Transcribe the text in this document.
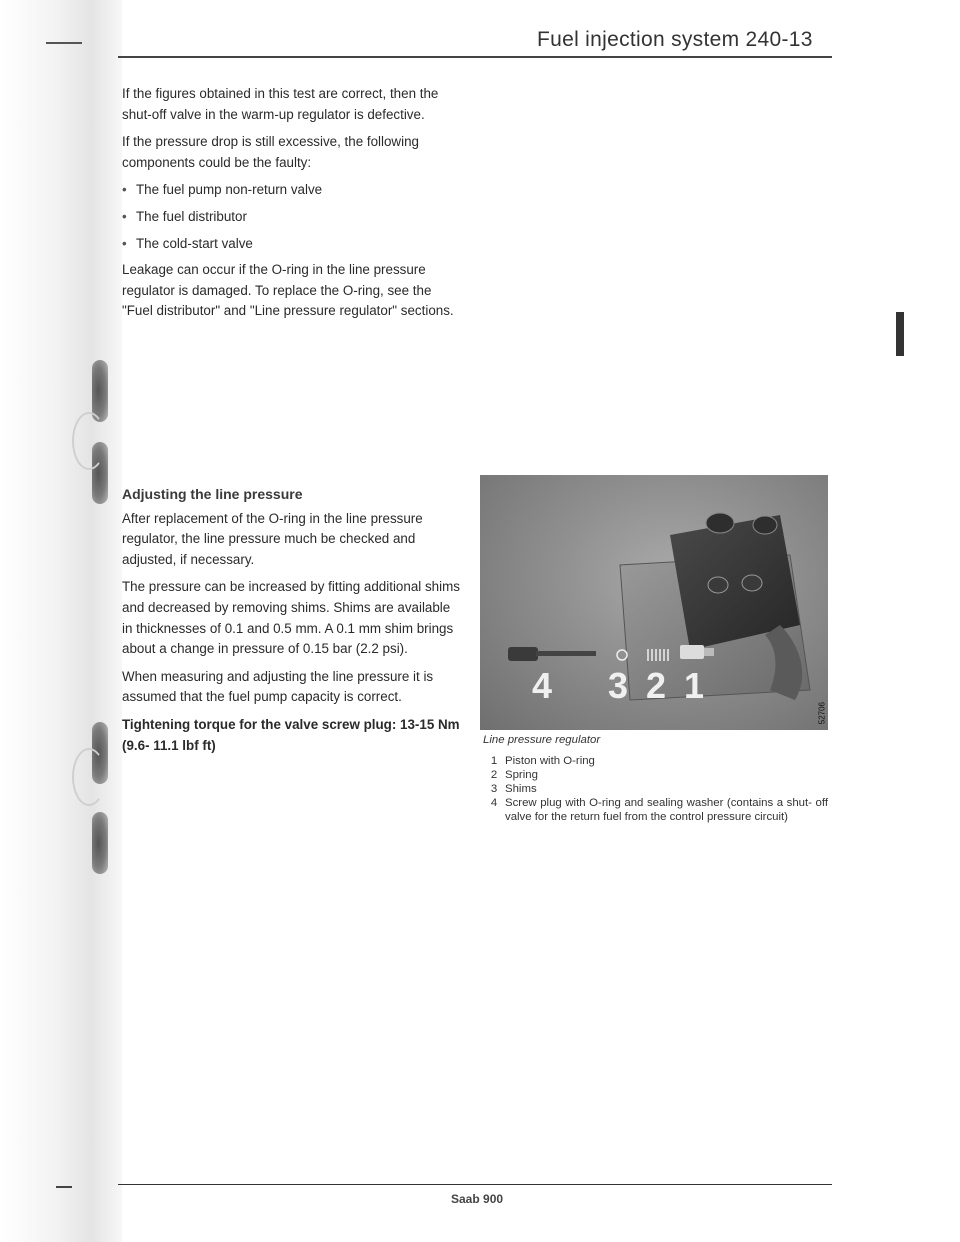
Fuel injection system 240-13

If the figures obtained in this test are correct, then the shut-off valve in the warm-up regulator is defective.

If the pressure drop is still excessive, the following components could be the faulty:

• The fuel pump non-return valve
• The fuel distributor
• The cold-start valve

Leakage can occur if the O-ring in the line pressure regulator is damaged. To replace the O-ring, see the "Fuel distributor" and "Line pressure regulator" sections.

Adjusting the line pressure

After replacement of the O-ring in the line pressure regulator, the line pressure much be checked and adjusted, if necessary.

The pressure can be increased by fitting additional shims and decreased by removing shims. Shims are available in thicknesses of 0.1 and 0.5 mm. A 0.1 mm shim brings about a change in pressure of 0.15 bar (2.2 psi).

When measuring and adjusting the line pressure it is assumed that the fuel pump capacity is correct.

Tightening torque for the valve screw plug: 13-15 Nm (9.6- 11.1 lbf ft)

4 3 2 1
52706
Line pressure regulator
1 Piston with O-ring
2 Spring
3 Shims
4 Screw plug with O-ring and sealing washer (contains a shut- off valve for the return fuel from the control pressure circuit)
Saab 900
